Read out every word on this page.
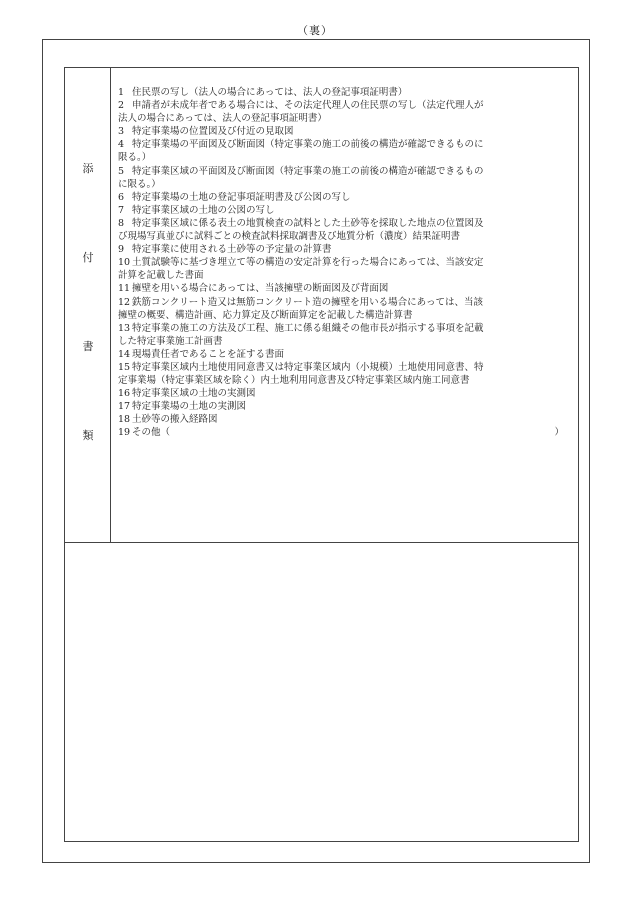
（裏）
添
付
書
類
1 住民票の写し（法人の場合にあっては、法人の登記事項証明書）
2 申請者が未成年者である場合には、その法定代理人の住民票の写し（法定代理人が
法人の場合にあっては、法人の登記事項証明書）
3 特定事業場の位置図及び付近の見取図
4 特定事業場の平面図及び断面図（特定事業の施工の前後の構造が確認できるものに
限る。）
5 特定事業区域の平面図及び断面図（特定事業の施工の前後の構造が確認できるもの
に限る。）
6 特定事業場の土地の登記事項証明書及び公図の写し
7 特定事業区域の土地の公図の写し
8 特定事業区域に係る表土の地質検査の試料とした土砂等を採取した地点の位置図及
び現場写真並びに試料ごとの検査試料採取調書及び地質分析（濃度）結果証明書
9 特定事業に使用される土砂等の予定量の計算書
10 土質試験等に基づき埋立て等の構造の安定計算を行った場合にあっては、当該安定
計算を記載した書面
11 擁壁を用いる場合にあっては、当該擁壁の断面図及び背面図
12 鉄筋コンクリート造又は無筋コンクリート造の擁壁を用いる場合にあっては、当該
擁壁の概要、構造計画、応力算定及び断面算定を記載した構造計算書
13 特定事業の施工の方法及び工程、施工に係る組織その他市長が指示する事項を記載
した特定事業施工計画書
14 現場責任者であることを証する書面
15 特定事業区域内土地使用同意書又は特定事業区域内（小規模）土地使用同意書、特
定事業場（特定事業区域を除く）内土地利用同意書及び特定事業区域内施工同意書
16 特定事業区域の土地の実測図
17 特定事業場の土地の実測図
18 土砂等の搬入経路図
19 その他（	）
